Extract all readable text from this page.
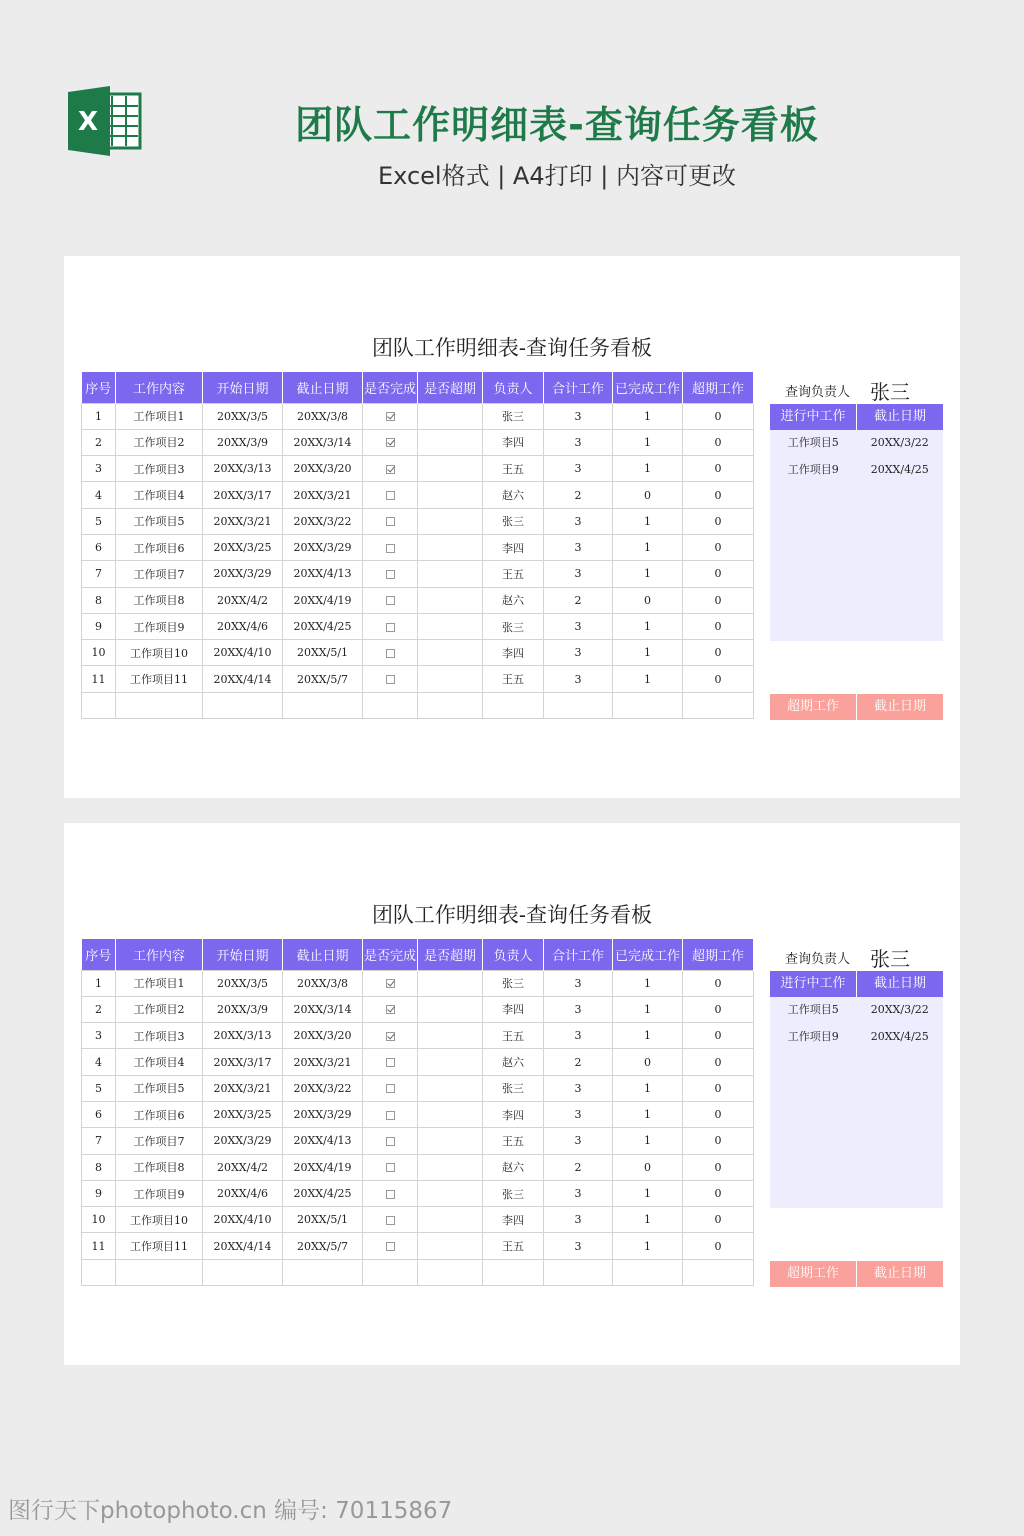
X	团队工作明细表-查询任务看板
Excel格式 | A4打印 | 内容可更改
团队工作明细表-查询任务看板
序号	工作内容	开始日期	截止日期	是否完成	是否超期	负责人	合计工作	已完成工作	超期工作
1	工作项目1	20XX/3/5	20XX/3/8			张三	3	1	0
2	工作项目2	20XX/3/9	20XX/3/14			李四	3	1	0
3	工作项目3	20XX/3/13	20XX/3/20			王五	3	1	0
4	工作项目4	20XX/3/17	20XX/3/21			赵六	2	0	0
5	工作项目5	20XX/3/21	20XX/3/22			张三	3	1	0
6	工作项目6	20XX/3/25	20XX/3/29			李四	3	1	0
7	工作项目7	20XX/3/29	20XX/4/13			王五	3	1	0
8	工作项目8	20XX/4/2	20XX/4/19			赵六	2	0	0
9	工作项目9	20XX/4/6	20XX/4/25			张三	3	1	0
10	工作项目10	20XX/4/10	20XX/5/1			李四	3	1	0
11	工作项目11	20XX/4/14	20XX/5/7			王五	3	1	0

查询负责人 张三
进行中工作	截止日期
工作项目5	20XX/3/22
工作项目9	20XX/4/25
超期工作	截止日期
团队工作明细表-查询任务看板
序号	工作内容	开始日期	截止日期	是否完成	是否超期	负责人	合计工作	已完成工作	超期工作
1	工作项目1	20XX/3/5	20XX/3/8			张三	3	1	0
2	工作项目2	20XX/3/9	20XX/3/14			李四	3	1	0
3	工作项目3	20XX/3/13	20XX/3/20			王五	3	1	0
4	工作项目4	20XX/3/17	20XX/3/21			赵六	2	0	0
5	工作项目5	20XX/3/21	20XX/3/22			张三	3	1	0
6	工作项目6	20XX/3/25	20XX/3/29			李四	3	1	0
7	工作项目7	20XX/3/29	20XX/4/13			王五	3	1	0
8	工作项目8	20XX/4/2	20XX/4/19			赵六	2	0	0
9	工作项目9	20XX/4/6	20XX/4/25			张三	3	1	0
10	工作项目10	20XX/4/10	20XX/5/1			李四	3	1	0
11	工作项目11	20XX/4/14	20XX/5/7			王五	3	1	0

查询负责人 张三
进行中工作	截止日期
工作项目5	20XX/3/22
工作项目9	20XX/4/25
超期工作	截止日期
图行天下photophoto.cn 编号: 70115867
